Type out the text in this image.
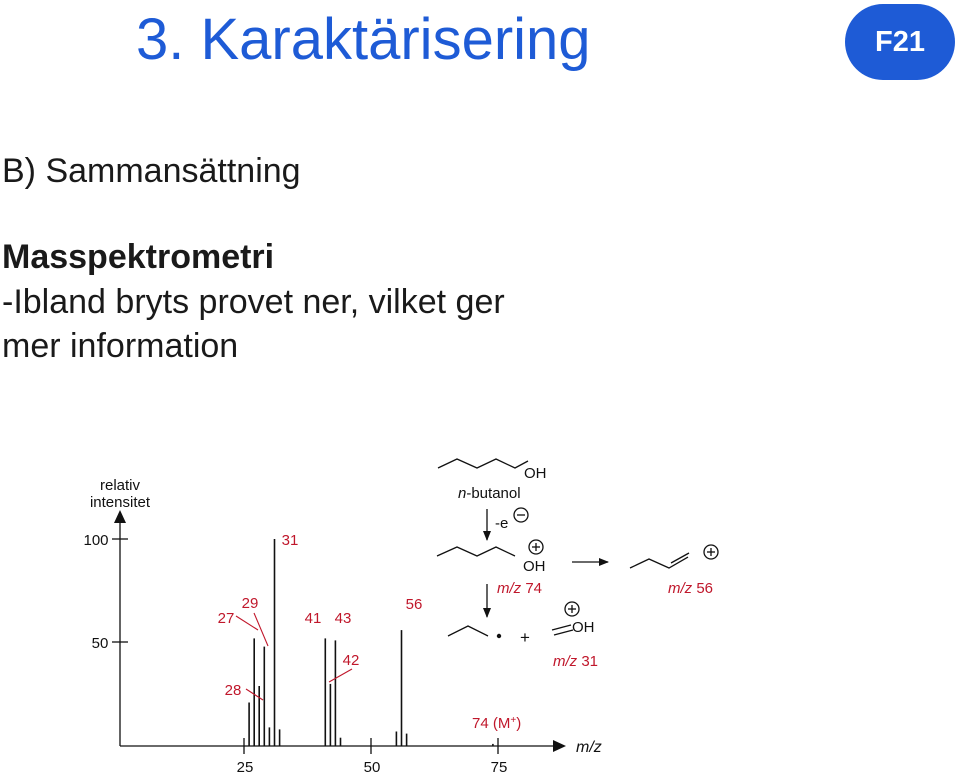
3. Karaktärisering	F21
B) Sammansättning
Masspektrometri
-Ibland bryts provet ner, vilket ger
mer information
relativ
intensitet
100
50
25	50	75
m/z
31
27
29
41 43
56
42
28
74 (M+)
OH
n-butanol
-e
OH
m/z 74	m/z 56
+
OH
m/z 31
